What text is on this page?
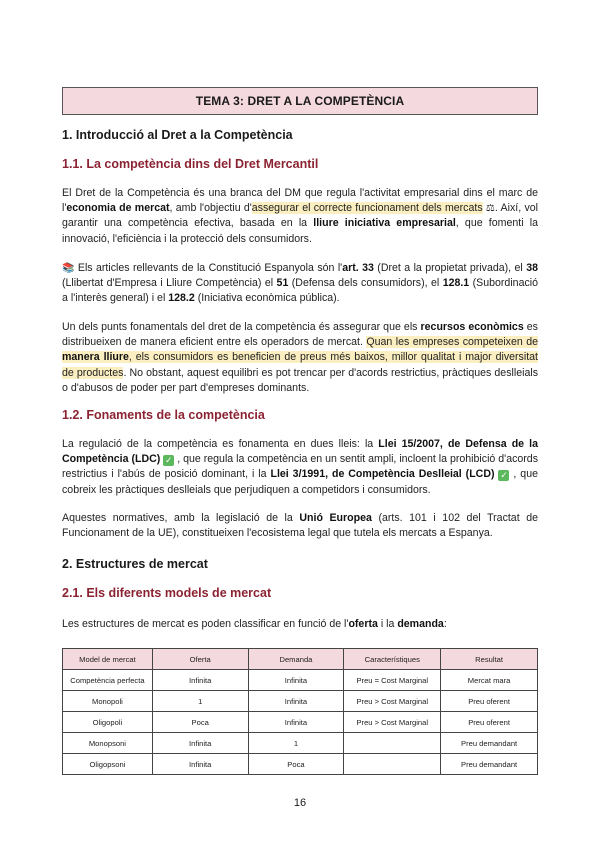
TEMA 3: DRET A LA COMPETÈNCIA
1. Introducció al Dret a la Competència
1.1. La competència dins del Dret Mercantil
El Dret de la Competència és una branca del DM que regula l'activitat empresarial dins el marc de l'economia de mercat, amb l'objectiu d'assegurar el correcte funcionament dels mercats ⚖. Així, vol garantir una competència efectiva, basada en la lliure iniciativa empresarial, que fomenti la innovació, l'eficiència i la protecció dels consumidors.
📚 Els articles rellevants de la Constitució Espanyola són l'art. 33 (Dret a la propietat privada), el 38 (Llibertat d'Empresa i Lliure Competència) el 51 (Defensa dels consumidors), el 128.1 (Subordinació a l'interès general) i el 128.2 (Iniciativa econòmica pública).
Un dels punts fonamentals del dret de la competència és assegurar que els recursos econòmics es distribueixen de manera eficient entre els operadors de mercat. Quan les empreses competeixen de manera lliure, els consumidors es beneficien de preus més baixos, millor qualitat i major diversitat de productes. No obstant, aquest equilibri es pot trencar per d'acords restrictius, pràctiques deslleials o d'abusos de poder per part d'empreses dominants.
1.2. Fonaments de la competència
La regulació de la competència es fonamenta en dues lleis: la Llei 15/2007, de Defensa de la Competència (LDC) ✓ , que regula la competència en un sentit ampli, incloent la prohibició d'acords restrictius i l'abús de posició dominant, i la Llei 3/1991, de Competència Deslleial (LCD) ✓ , que cobreix les pràctiques deslleials que perjudiquen a competidors i consumidors.
Aquestes normatives, amb la legislació de la Unió Europea (arts. 101 i 102 del Tractat de Funcionament de la UE), constitueixen l'ecosistema legal que tutela els mercats a Espanya.
2. Estructures de mercat
2.1. Els diferents models de mercat
Les estructures de mercat es poden classificar en funció de l'oferta i la demanda:
Model de mercat	Oferta	Demanda	Característiques	Resultat
Competència perfecta	Infinita	Infinita	Preu = Cost Marginal	Mercat mara
Monopoli	1	Infinita	Preu > Cost Marginal	Preu oferent
Oligopoli	Poca	Infinita	Preu > Cost Marginal	Preu oferent
Monopsoni	Infinita	1		Preu demandant
Oligopsoni	Infinita	Poca		Preu demandant
16
